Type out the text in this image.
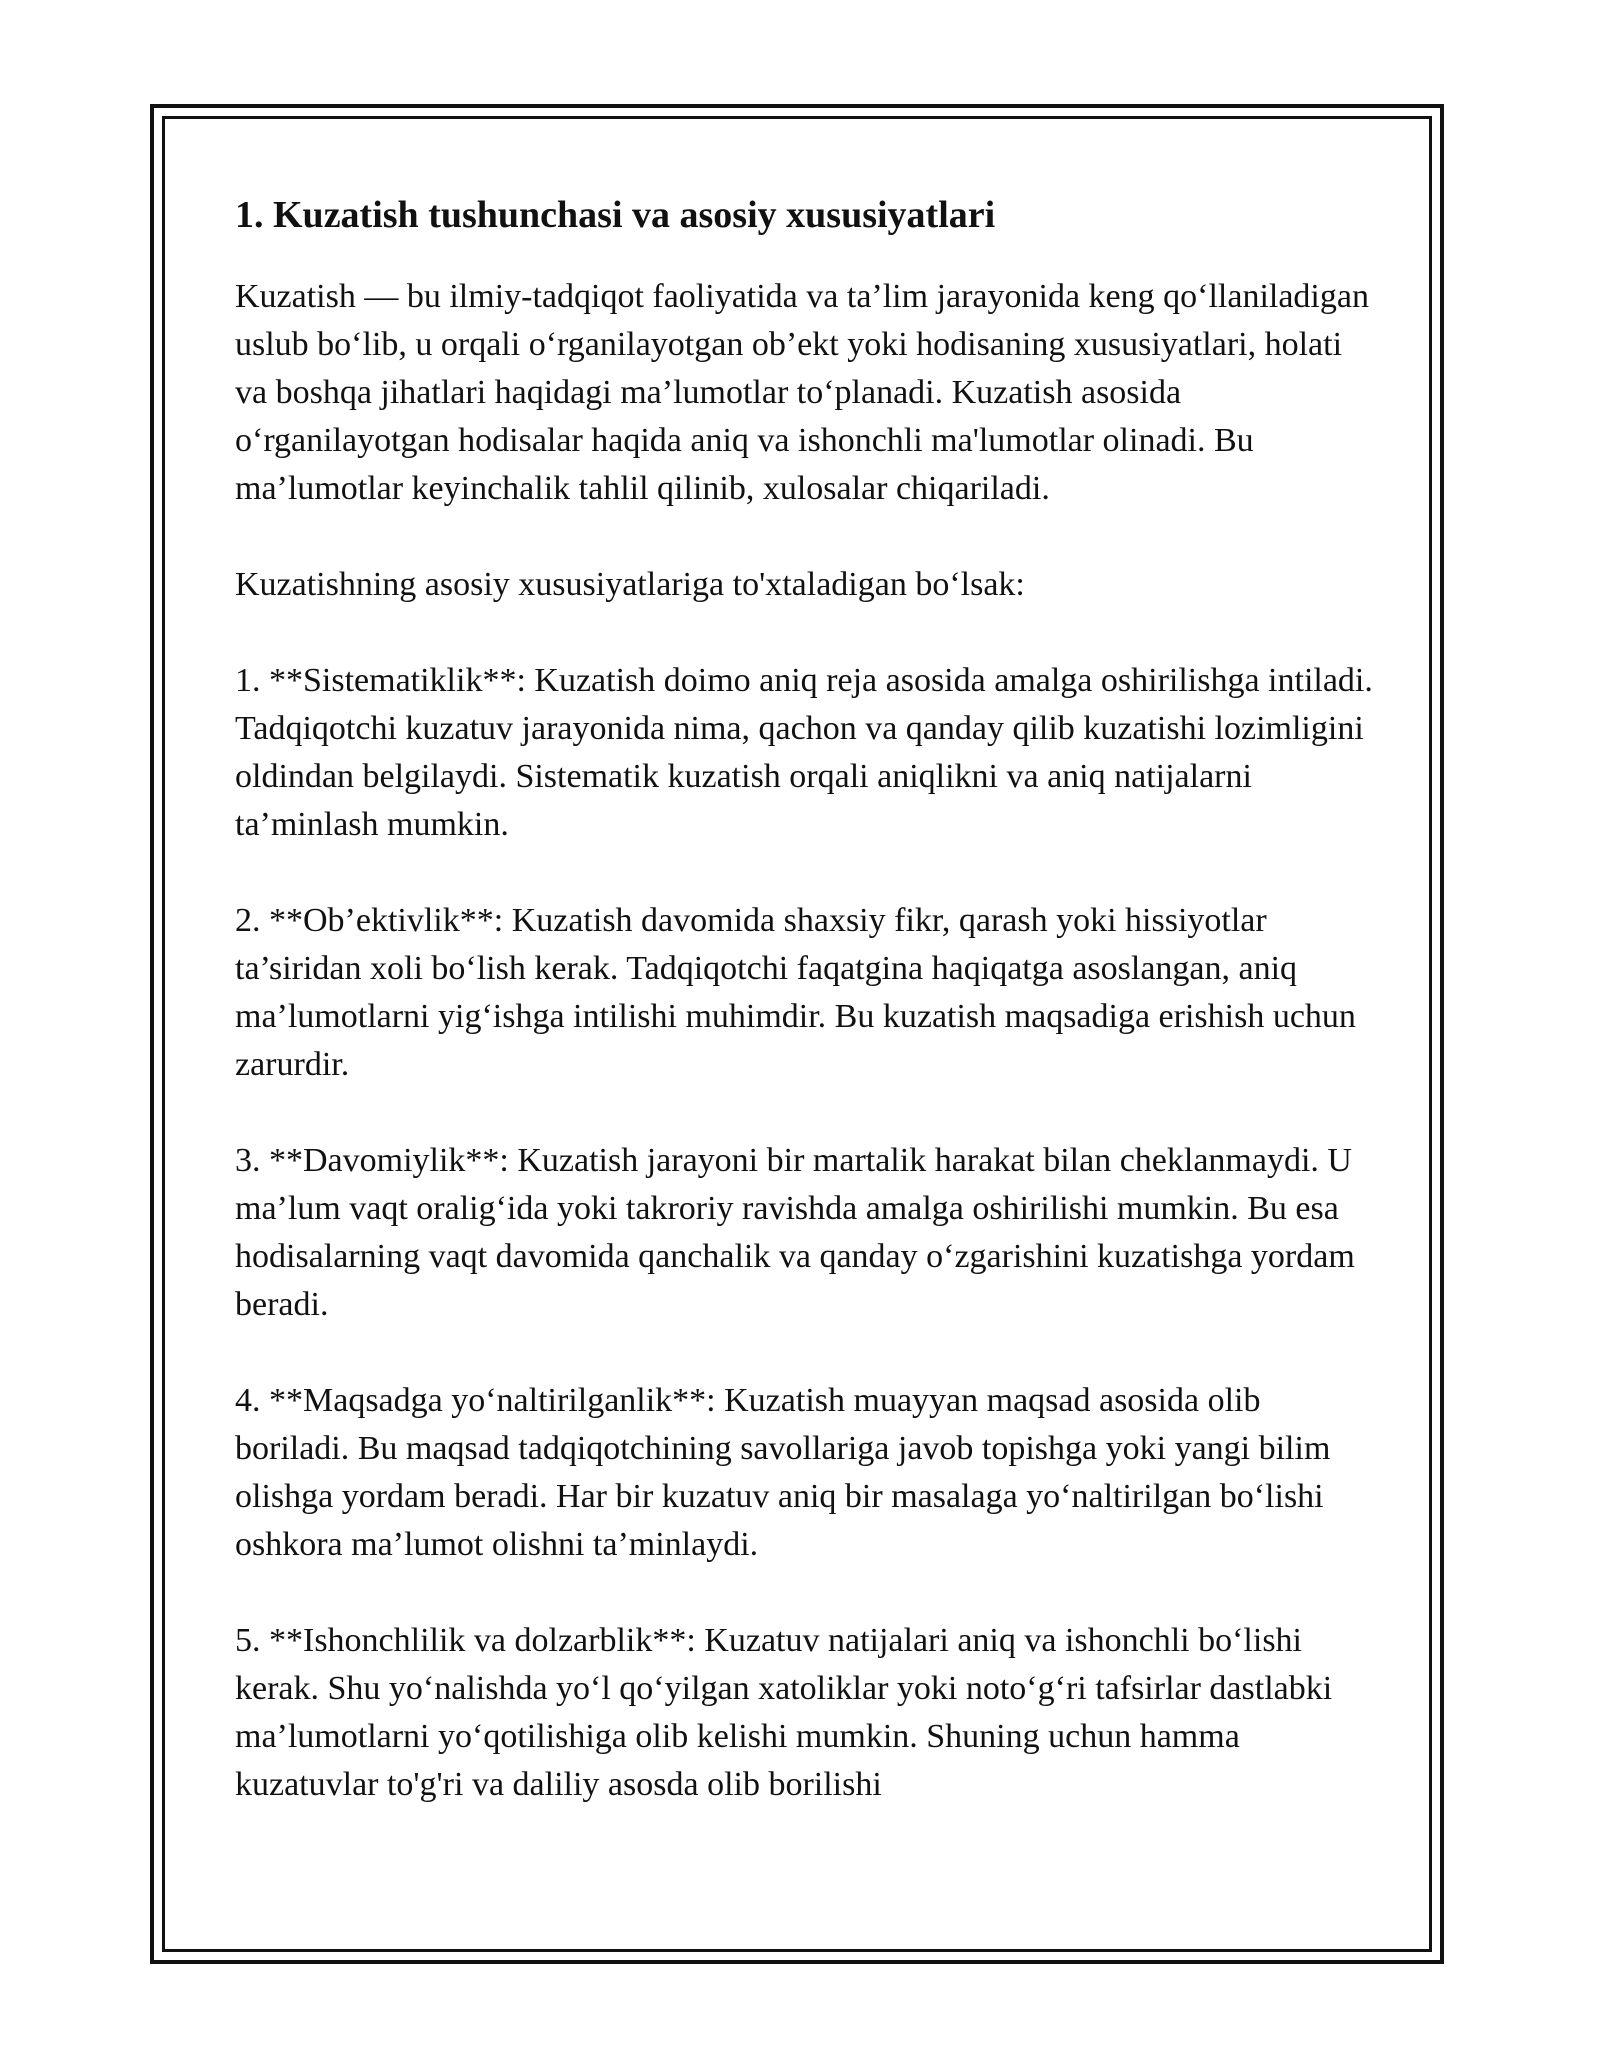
1. Kuzatish tushunchasi va asosiy xususiyatlari

Kuzatish — bu ilmiy-tadqiqot faoliyatida va ta’lim jarayonida keng qo‘llaniladigan uslub bo‘lib, u orqali o‘rganilayotgan ob’ekt yoki hodisaning xususiyatlari, holati va boshqa jihatlari haqidagi ma’lumotlar to‘planadi. Kuzatish asosida o‘rganilayotgan hodisalar haqida aniq va ishonchli ma'lumotlar olinadi. Bu ma’lumotlar keyinchalik tahlil qilinib, xulosalar chiqariladi.

Kuzatishning asosiy xususiyatlariga to'xtaladigan bo‘lsak:

1. **Sistematiklik**: Kuzatish doimo aniq reja asosida amalga oshirilishga intiladi. Tadqiqotchi kuzatuv jarayonida nima, qachon va qanday qilib kuzatishi lozimligini oldindan belgilaydi. Sistematik kuzatish orqali aniqlikni va aniq natijalarni ta’minlash mumkin.

2. **Ob’ektivlik**: Kuzatish davomida shaxsiy fikr, qarash yoki hissiyotlar ta’siridan xoli bo‘lish kerak. Tadqiqotchi faqatgina haqiqatga asoslangan, aniq ma’lumotlarni yig‘ishga intilishi muhimdir. Bu kuzatish maqsadiga erishish uchun zarurdir.

3. **Davomiylik**: Kuzatish jarayoni bir martalik harakat bilan cheklanmaydi. U ma’lum vaqt oralig‘ida yoki takroriy ravishda amalga oshirilishi mumkin. Bu esa hodisalarning vaqt davomida qanchalik va qanday o‘zgarishini kuzatishga yordam beradi.

4. **Maqsadga yo‘naltirilganlik**: Kuzatish muayyan maqsad asosida olib boriladi. Bu maqsad tadqiqotchining savollariga javob topishga yoki yangi bilim olishga yordam beradi. Har bir kuzatuv aniq bir masalaga yo‘naltirilgan bo‘lishi oshkora ma’lumot olishni ta’minlaydi.

5. **Ishonchlilik va dolzarblik**: Kuzatuv natijalari aniq va ishonchli bo‘lishi kerak. Shu yo‘nalishda yo‘l qo‘yilgan xatoliklar yoki noto‘g‘ri tafsirlar dastlabki ma’lumotlarni yo‘qotilishiga olib kelishi mumkin. Shuning uchun hamma kuzatuvlar to'g'ri va daliliy asosda olib borilishi
